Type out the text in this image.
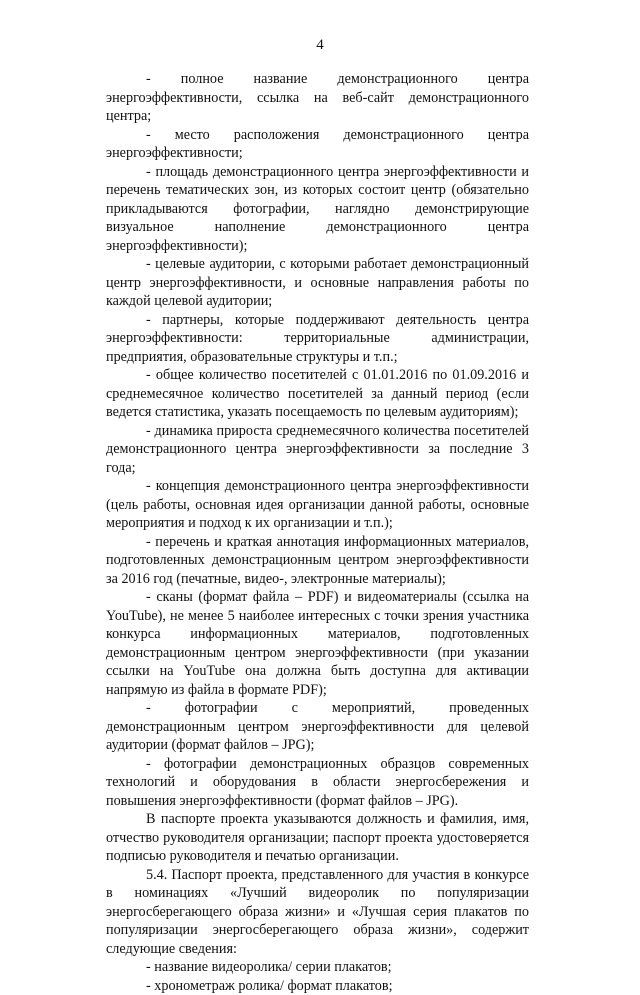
4

- полное название демонстрационного центра энергоэффективности, ссылка на веб-сайт демонстрационного центра;

- место расположения демонстрационного центра энергоэффективности;

- площадь демонстрационного центра энергоэффективности и перечень тематических зон, из которых состоит центр (обязательно прикладываются фотографии, наглядно демонстрирующие визуальное наполнение демонстрационного центра энергоэффективности);

- целевые аудитории, с которыми работает демонстрационный центр энергоэффективности, и основные направления работы по каждой целевой аудитории;

- партнеры, которые поддерживают деятельность центра энергоэффективности: территориальные администрации, предприятия, образовательные структуры и т.п.;

- общее количество посетителей с 01.01.2016 по 01.09.2016 и среднемесячное количество посетителей за данный период (если ведется статистика, указать посещаемость по целевым аудиториям);

- динамика прироста среднемесячного количества посетителей демонстрационного центра энергоэффективности за последние 3 года;

- концепция демонстрационного центра энергоэффективности (цель работы, основная идея организации данной работы, основные мероприятия и подход к их организации и т.п.);

- перечень и краткая аннотация информационных материалов, подготовленных демонстрационным центром энергоэффективности за 2016 год (печатные, видео-, электронные материалы);

- сканы (формат файла – PDF) и видеоматериалы (ссылка на YouTube), не менее 5 наиболее интересных с точки зрения участника конкурса информационных материалов, подготовленных демонстрационным центром энергоэффективности (при указании ссылки на YouTube она должна быть доступна для активации напрямую из файла в формате PDF);

- фотографии с мероприятий, проведенных демонстрационным центром энергоэффективности для целевой аудитории (формат файлов – JPG);

- фотографии демонстрационных образцов современных технологий и оборудования в области энергосбережения и повышения энергоэффективности (формат файлов – JPG).

В паспорте проекта указываются должность и фамилия, имя, отчество руководителя организации; паспорт проекта удостоверяется подписью руководителя и печатью организации.

5.4. Паспорт проекта, представленного для участия в конкурсе в номинациях «Лучший видеоролик по популяризации энергосберегающего образа жизни» и «Лучшая серия плакатов по популяризации энергосберегающего образа жизни», содержит следующие сведения:

- название видеоролика/ серии плакатов;

- хронометраж ролика/ формат плакатов;
